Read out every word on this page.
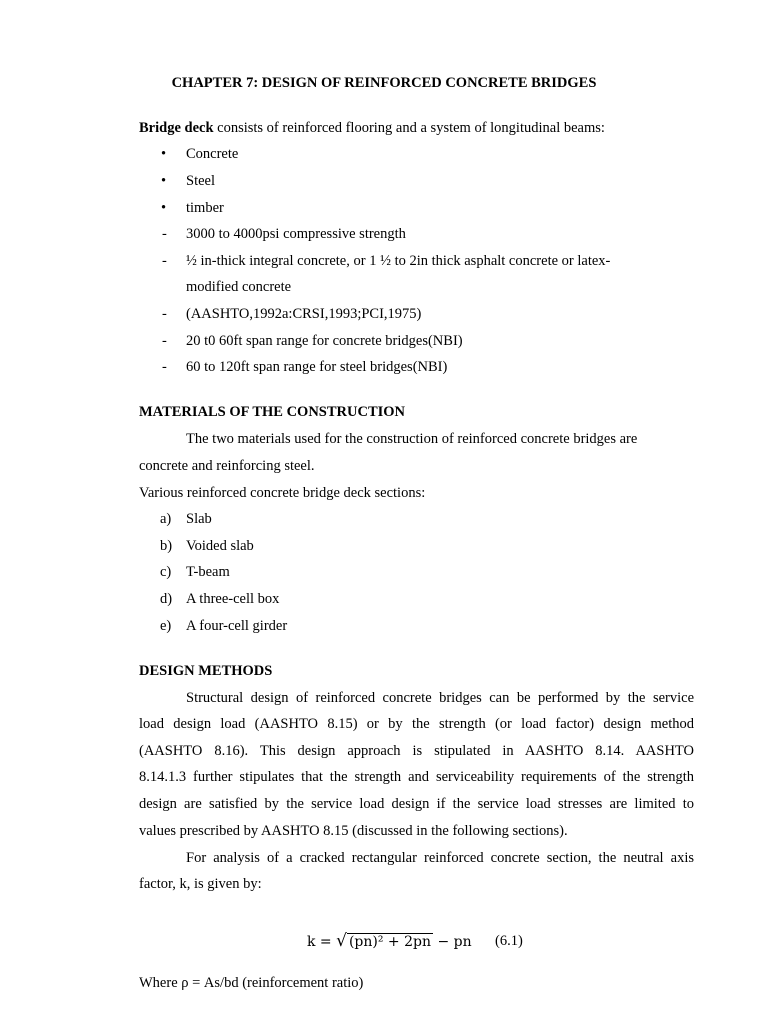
CHAPTER 7: DESIGN OF REINFORCED CONCRETE BRIDGES
Bridge deck consists of reinforced flooring and a system of longitudinal beams:
• Concrete
• Steel
• timber
- 3000 to 4000psi compressive strength
- ½ in-thick integral concrete, or 1 ½ to 2in thick asphalt concrete or latex-
modified concrete
- (AASHTO,1992a:CRSI,1993;PCI,1975)
- 20 t0 60ft span range for concrete bridges(NBI)
- 60 to 120ft span range for steel bridges(NBI)
MATERIALS OF THE CONSTRUCTION
The two materials used for the construction of reinforced concrete bridges are
concrete and reinforcing steel.
Various reinforced concrete bridge deck sections:
a) Slab
b) Voided slab
c) T-beam
d) A three-cell box
e) A four-cell girder
DESIGN METHODS
Structural design of reinforced concrete bridges can be performed by the service
load design load (AASHTO 8.15) or by the strength (or load factor) design method
(AASHTO 8.16). This design approach is stipulated in AASHTO 8.14. AASHTO
8.14.1.3 further stipulates that the strength and serviceability requirements of the strength
design are satisfied by the service load design if the service load stresses are limited to
values prescribed by AASHTO 8.15 (discussed in the following sections).
For analysis of a cracked rectangular reinforced concrete section, the neutral axis
factor, k, is given by:
k = √ (pn)² + 2pn − pn (6.1)
Where ρ = As/bd (reinforcement ratio)
